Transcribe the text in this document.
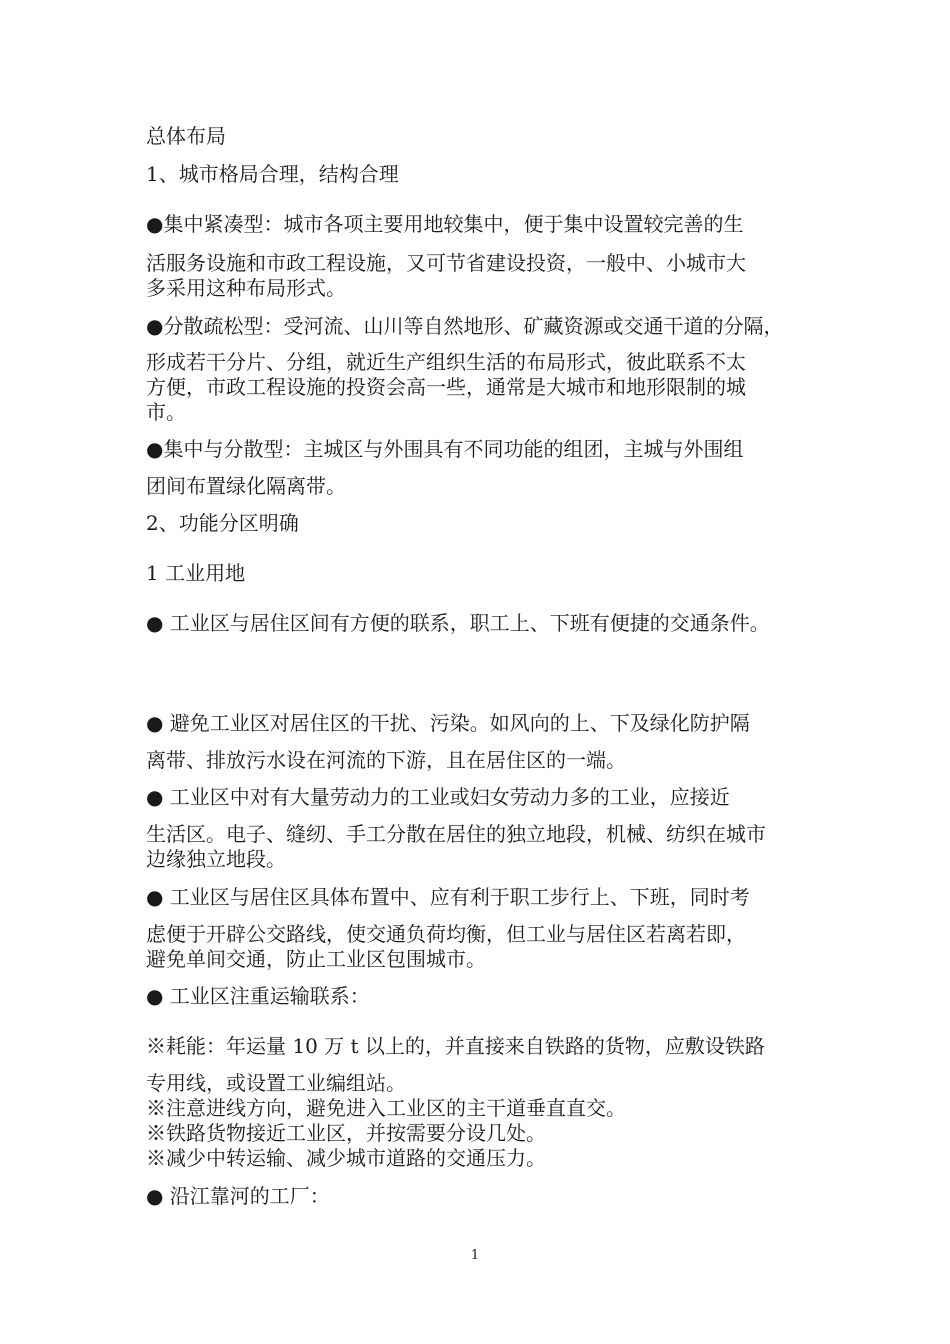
总体布局
1、城市格局合理，结构合理
●集中紧凑型：城市各项主要用地较集中，便于集中设置较完善的生
活服务设施和市政工程设施，又可节省建设投资，一般中、小城市大
多采用这种布局形式。
●分散疏松型：受河流、山川等自然地形、矿藏资源或交通干道的分隔，
形成若干分片、分组，就近生产组织生活的布局形式，彼此联系不太
方便，市政工程设施的投资会高一些，通常是大城市和地形限制的城
市。
●集中与分散型：主城区与外围具有不同功能的组团，主城与外围组
团间布置绿化隔离带。
2、功能分区明确
1 工业用地
● 工业区与居住区间有方便的联系，职工上、下班有便捷的交通条件。
● 避免工业区对居住区的干扰、污染。如风向的上、下及绿化防护隔
离带、排放污水设在河流的下游，且在居住区的一端。
● 工业区中对有大量劳动力的工业或妇女劳动力多的工业，应接近
生活区。电子、缝纫、手工分散在居住的独立地段，机械、纺织在城市
边缘独立地段。
● 工业区与居住区具体布置中、应有利于职工步行上、下班，同时考
虑便于开辟公交路线，使交通负荷均衡，但工业与居住区若离若即，
避免单间交通，防止工业区包围城市。
● 工业区注重运输联系：
※耗能：年运量 10 万 t 以上的，并直接来自铁路的货物，应敷设铁路
专用线，或设置工业编组站。
※注意进线方向，避免进入工业区的主干道垂直直交。
※铁路货物接近工业区，并按需要分设几处。
※减少中转运输、减少城市道路的交通压力。
● 沿江靠河的工厂：
1
